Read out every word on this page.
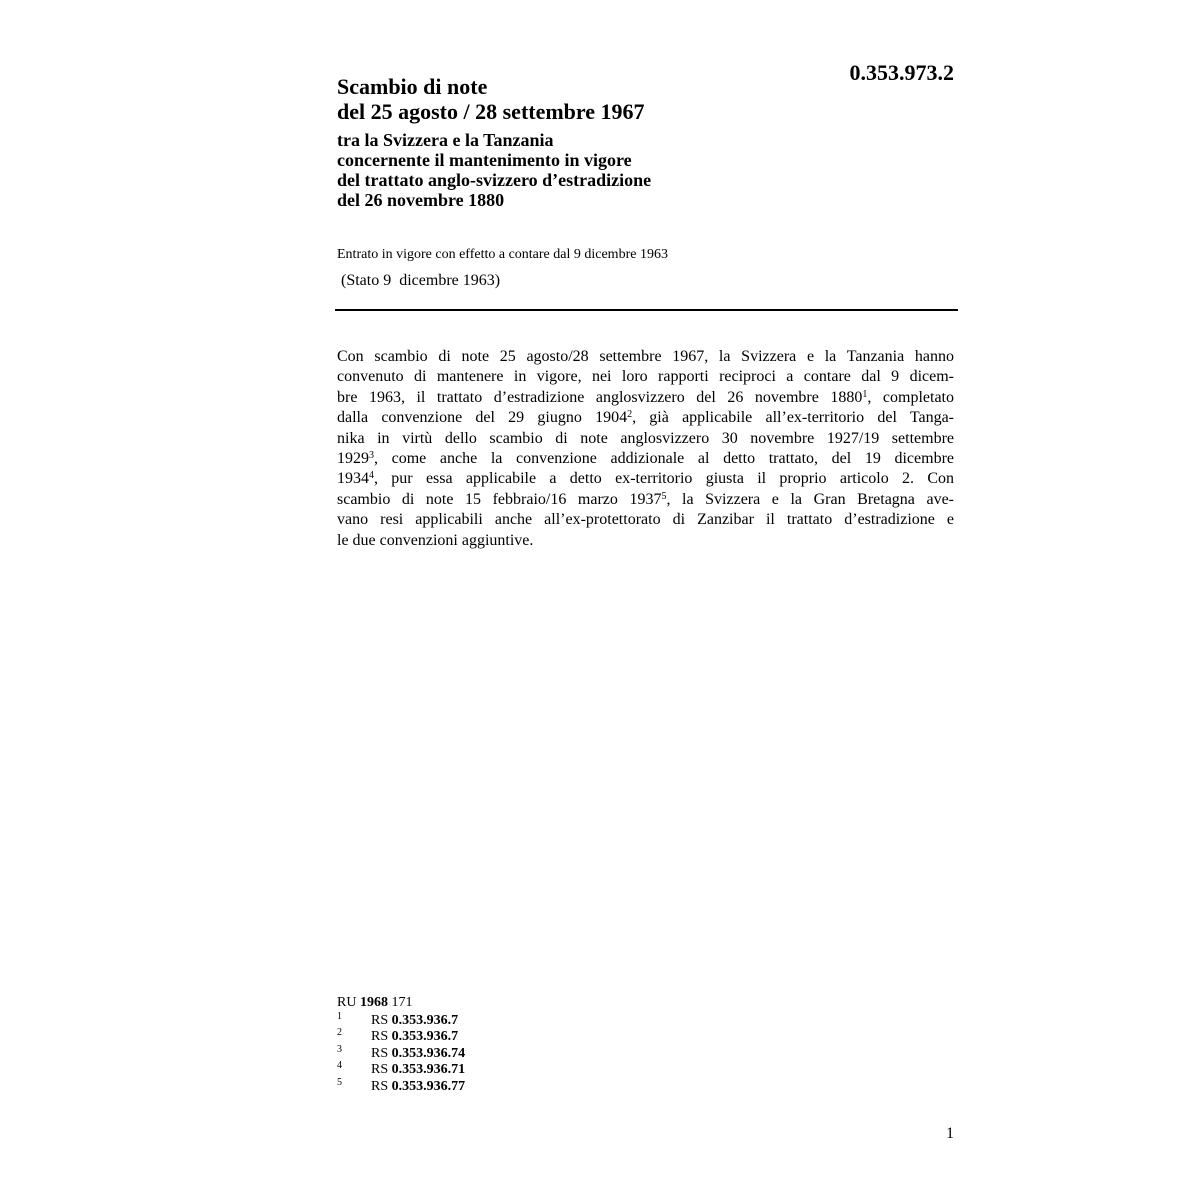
0.353.973.2

Scambio di note
del 25 agosto / 28 settembre 1967
tra la Svizzera e la Tanzania
concernente il mantenimento in vigore
del trattato anglo-svizzero d’estradizione
del 26 novembre 1880

Entrato in vigore con effetto a contare dal 9 dicembre 1963

(Stato 9  dicembre 1963)

Con scambio di note 25 agosto/28 settembre 1967, la Svizzera e la Tanzania hanno
convenuto di mantenere in vigore, nei loro rapporti reciproci a contare dal 9 dicem-
bre 1963, il trattato d’estradizione anglosvizzero del 26 novembre 1880$^1$, completato
dalla convenzione del 29 giugno 1904$^2$, già applicabile all’ex-territorio del Tanga-
nika in virtù dello scambio di note anglosvizzero 30 novembre 1927/19 settembre
1929$^3$, come anche la convenzione addizionale al detto trattato, del 19 dicembre
1934$^4$, pur essa applicabile a detto ex-territorio giusta il proprio articolo 2. Con
scambio di note 15 febbraio/16 marzo 1937$^5$, la Svizzera e la Gran Bretagna ave-
vano resi applicabili anche all’ex-protettorato di Zanzibar il trattato d’estradizione e
le due convenzioni aggiuntive.

RU 1968 171

1 RS 0.353.936.7
2 RS 0.353.936.7
3 RS 0.353.936.74
4 RS 0.353.936.71
5 RS 0.353.936.77

1
